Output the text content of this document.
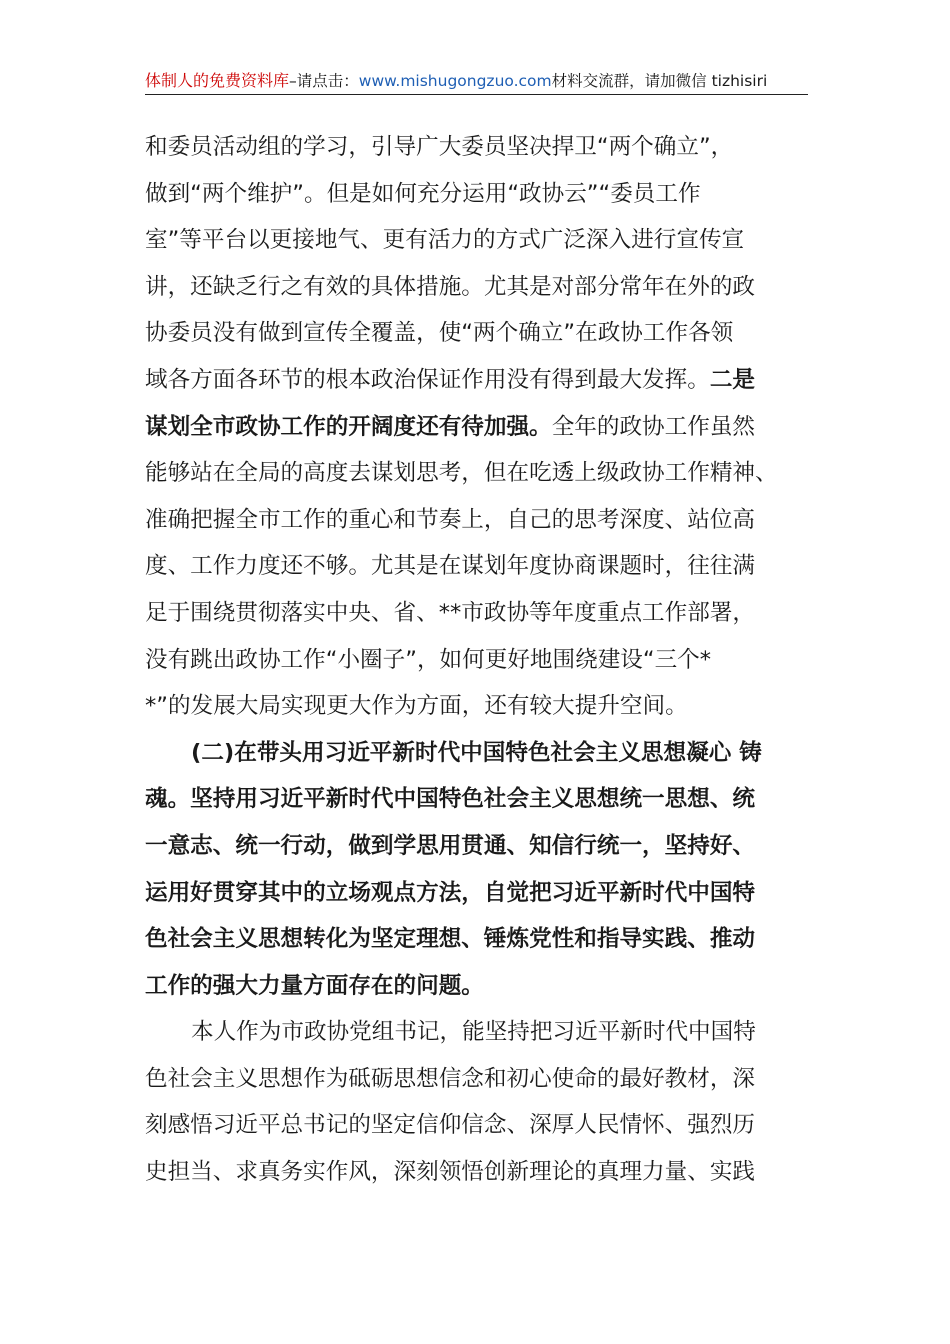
体制人的免费资料库–请点击：www.mishugongzuo.com材料交流群，请加微信 tizhisiri
和委员活动组的学习，引导广大委员坚决捍卫“两个确立”，
做到“两个维护”。但是如何充分运用“政协云”“委员工作
室”等平台以更接地气、更有活力的方式广泛深入进行宣传宣
讲，还缺乏行之有效的具体措施。尤其是对部分常年在外的政
协委员没有做到宣传全覆盖，使“两个确立”在政协工作各领
域各方面各环节的根本政治保证作用没有得到最大发挥。二是
谋划全市政协工作的开阔度还有待加强。全年的政协工作虽然
能够站在全局的高度去谋划思考，但在吃透上级政协工作精神、
准确把握全市工作的重心和节奏上，自己的思考深度、站位高
度、工作力度还不够。尤其是在谋划年度协商课题时，往往满
足于围绕贯彻落实中央、省、**市政协等年度重点工作部署，
没有跳出政协工作“小圈子”，如何更好地围绕建设“三个*
*”的发展大局实现更大作为方面，还有较大提升空间。
(二)在带头用习近平新时代中国特色社会主义思想凝心 铸
魂。坚持用习近平新时代中国特色社会主义思想统一思想、统
一意志、统一行动，做到学思用贯通、知信行统一，坚持好、
运用好贯穿其中的立场观点方法，自觉把习近平新时代中国特
色社会主义思想转化为坚定理想、锤炼党性和指导实践、推动
工作的强大力量方面存在的问题。
本人作为市政协党组书记，能坚持把习近平新时代中国特
色社会主义思想作为砥砺思想信念和初心使命的最好教材，深
刻感悟习近平总书记的坚定信仰信念、深厚人民情怀、强烈历
史担当、求真务实作风，深刻领悟创新理论的真理力量、实践
